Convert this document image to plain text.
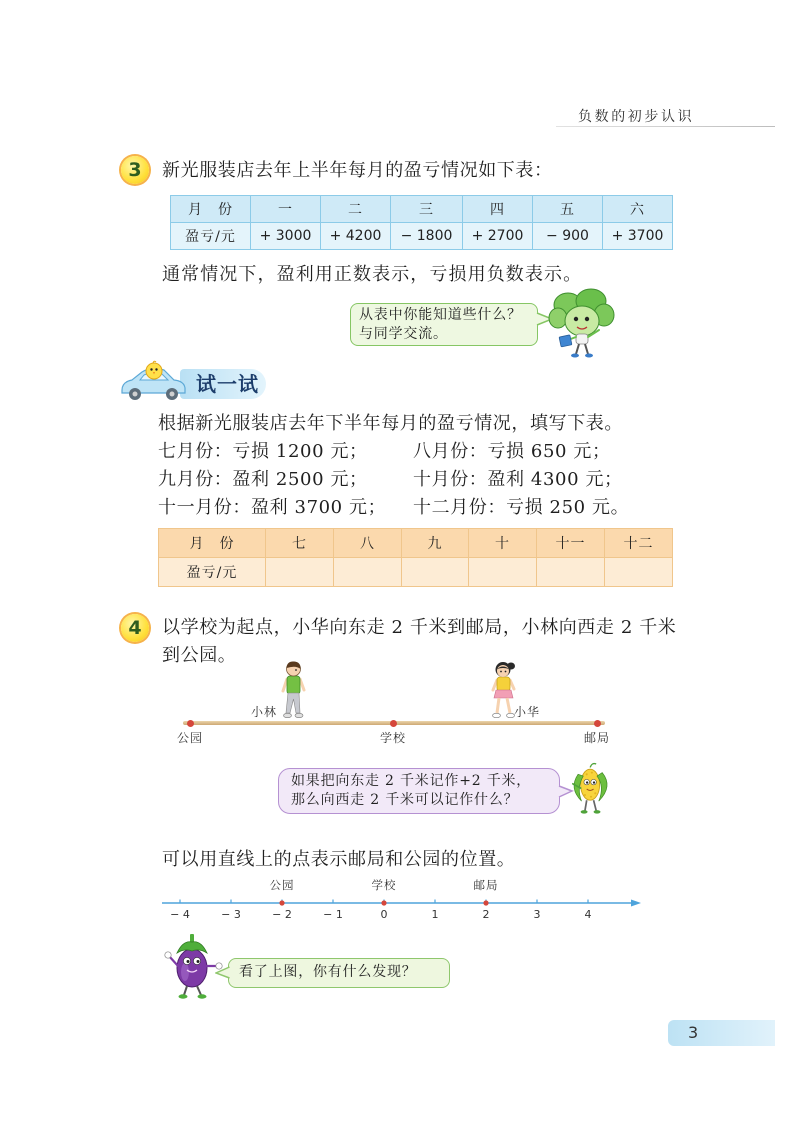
负数的初步认识
3	新光服装店去年上半年每月的盈亏情况如下表：
月　份	一	二	三	四	五	六
盈亏/元	+ 3000	+ 4200	− 1800	+ 2700	− 900	+ 3700
通常情况下，盈利用正数表示，亏损用负数表示。
从表中你能知道些什么？
与同学交流。
试一试
根据新光服装店去年下半年每月的盈亏情况，填写下表。
七月份：亏损 1200 元；	八月份：亏损 650 元；
九月份：盈利 2500 元；	十月份：盈利 4300 元；
十一月份：盈利 3700 元； 十二月份：亏损 250 元。
月　份	七	八	九	十	十一	十二
盈亏/元						
4	以学校为起点，小华向东走 2 千米到邮局，小林向西走 2 千米
到公园。
小林	小华
公园	学校	邮局
如果把向东走 2 千米记作+2 千米，
那么向西走 2 千米可以记作什么？
可以用直线上的点表示邮局和公园的位置。
− 4	− 3	− 2	− 1	0	1	2	3	4
公园	学校	邮局
看了上图，你有什么发现？
3
